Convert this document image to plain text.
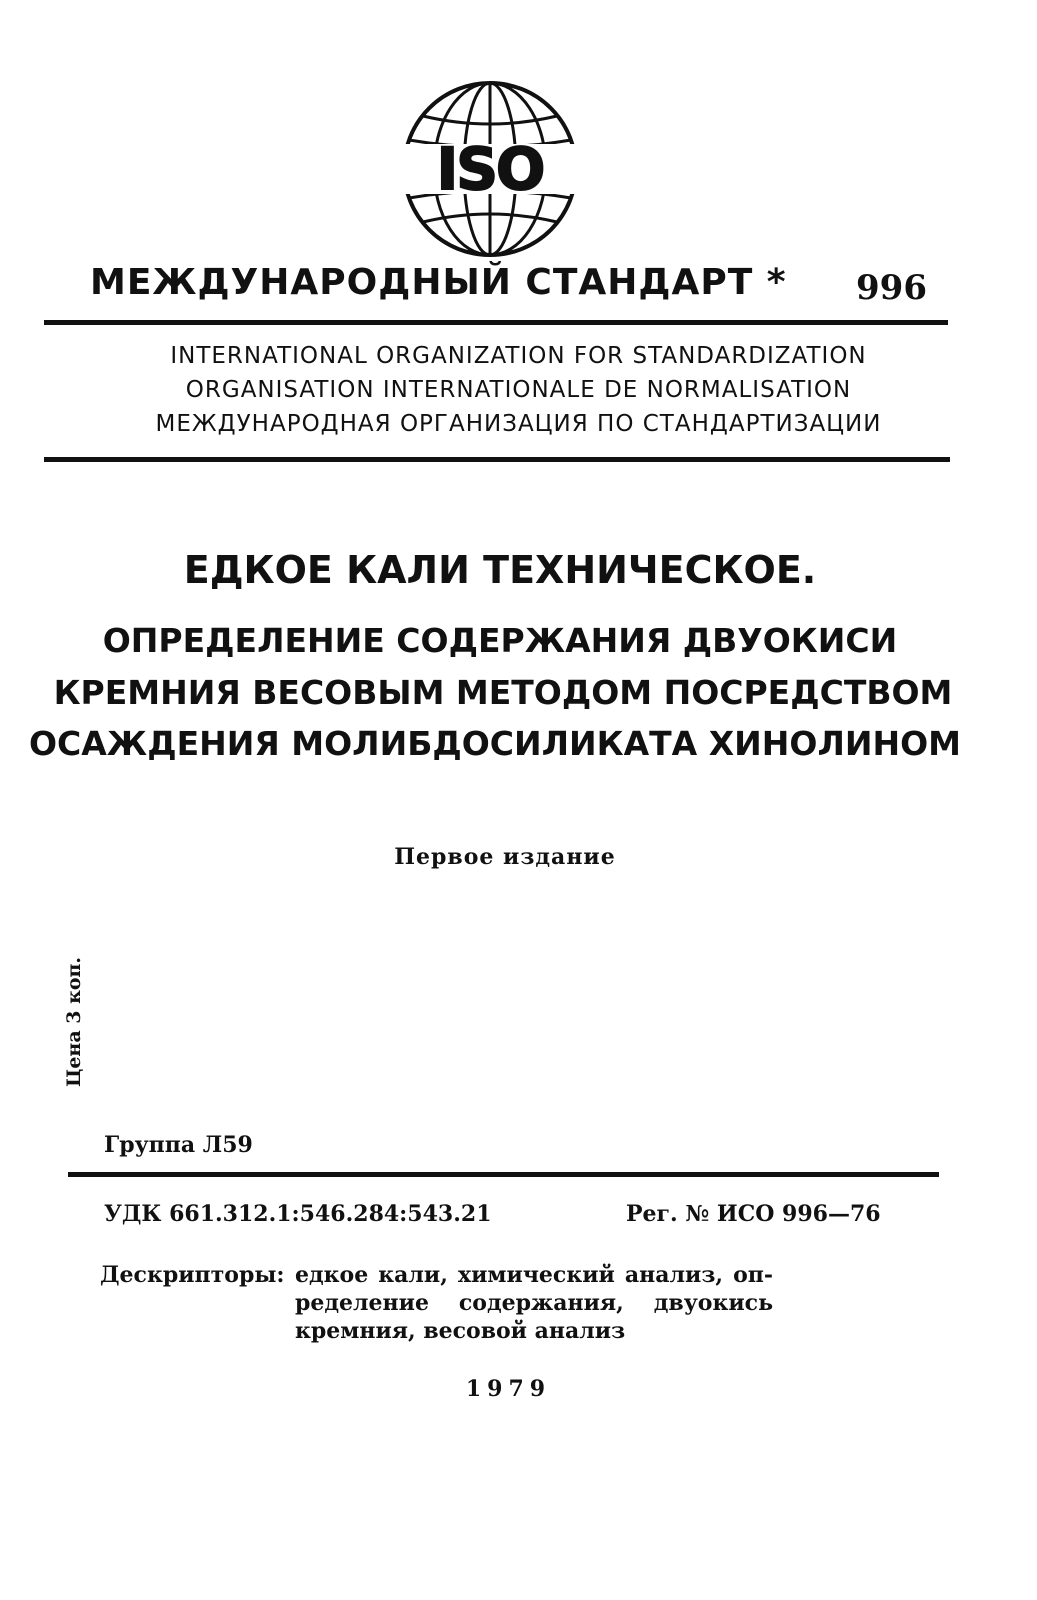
ISO
МЕЖДУНАРОДНЫЙ СТАНДАРТ * 996
INTERNATIONAL ORGANIZATION FOR STANDARDIZATION
ORGANISATION INTERNATIONALE DE NORMALISATION
МЕЖДУНАРОДНАЯ ОРГАНИЗАЦИЯ ПО СТАНДАРТИЗАЦИИ
ЕДКОЕ КАЛИ ТЕХНИЧЕСКОЕ.
ОПРЕДЕЛЕНИЕ СОДЕРЖАНИЯ ДВУОКИСИ
КРЕМНИЯ ВЕСОВЫМ МЕТОДОМ ПОСРЕДСТВОМ
ОСАЖДЕНИЯ МОЛИБДОСИЛИКАТА ХИНОЛИНОМ
Первое издание
Цена 3 коп.
Группа Л59
УДК 661.312.1:546.284:543.21	Рег. № ИСО 996—76
Дескрипторы: едкое кали, химический анализ, оп-
ределение содержания, двуокись
кремния, весовой анализ
1979
